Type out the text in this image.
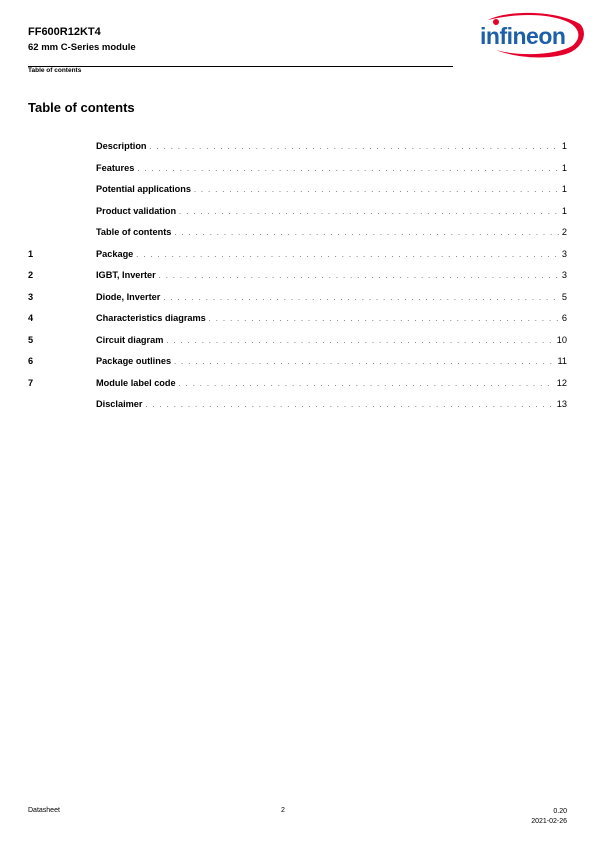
FF600R12KT4
62 mm C-Series module
Table of contents
infineon
Table of contents
Description . . .	1
Features . . .	1
Potential applications . . .	1
Product validation . . .	1
Table of contents . . .	2
1	Package . . .	3
2	IGBT, Inverter . . .	3
3	Diode, Inverter . . .	5
4	Characteristics diagrams . . .	6
5	Circuit diagram . . .	10
6	Package outlines . . .	11
7	Module label code . . .	12
Disclaimer . . .	13
Datasheet	2	0.20
2021-02-26
